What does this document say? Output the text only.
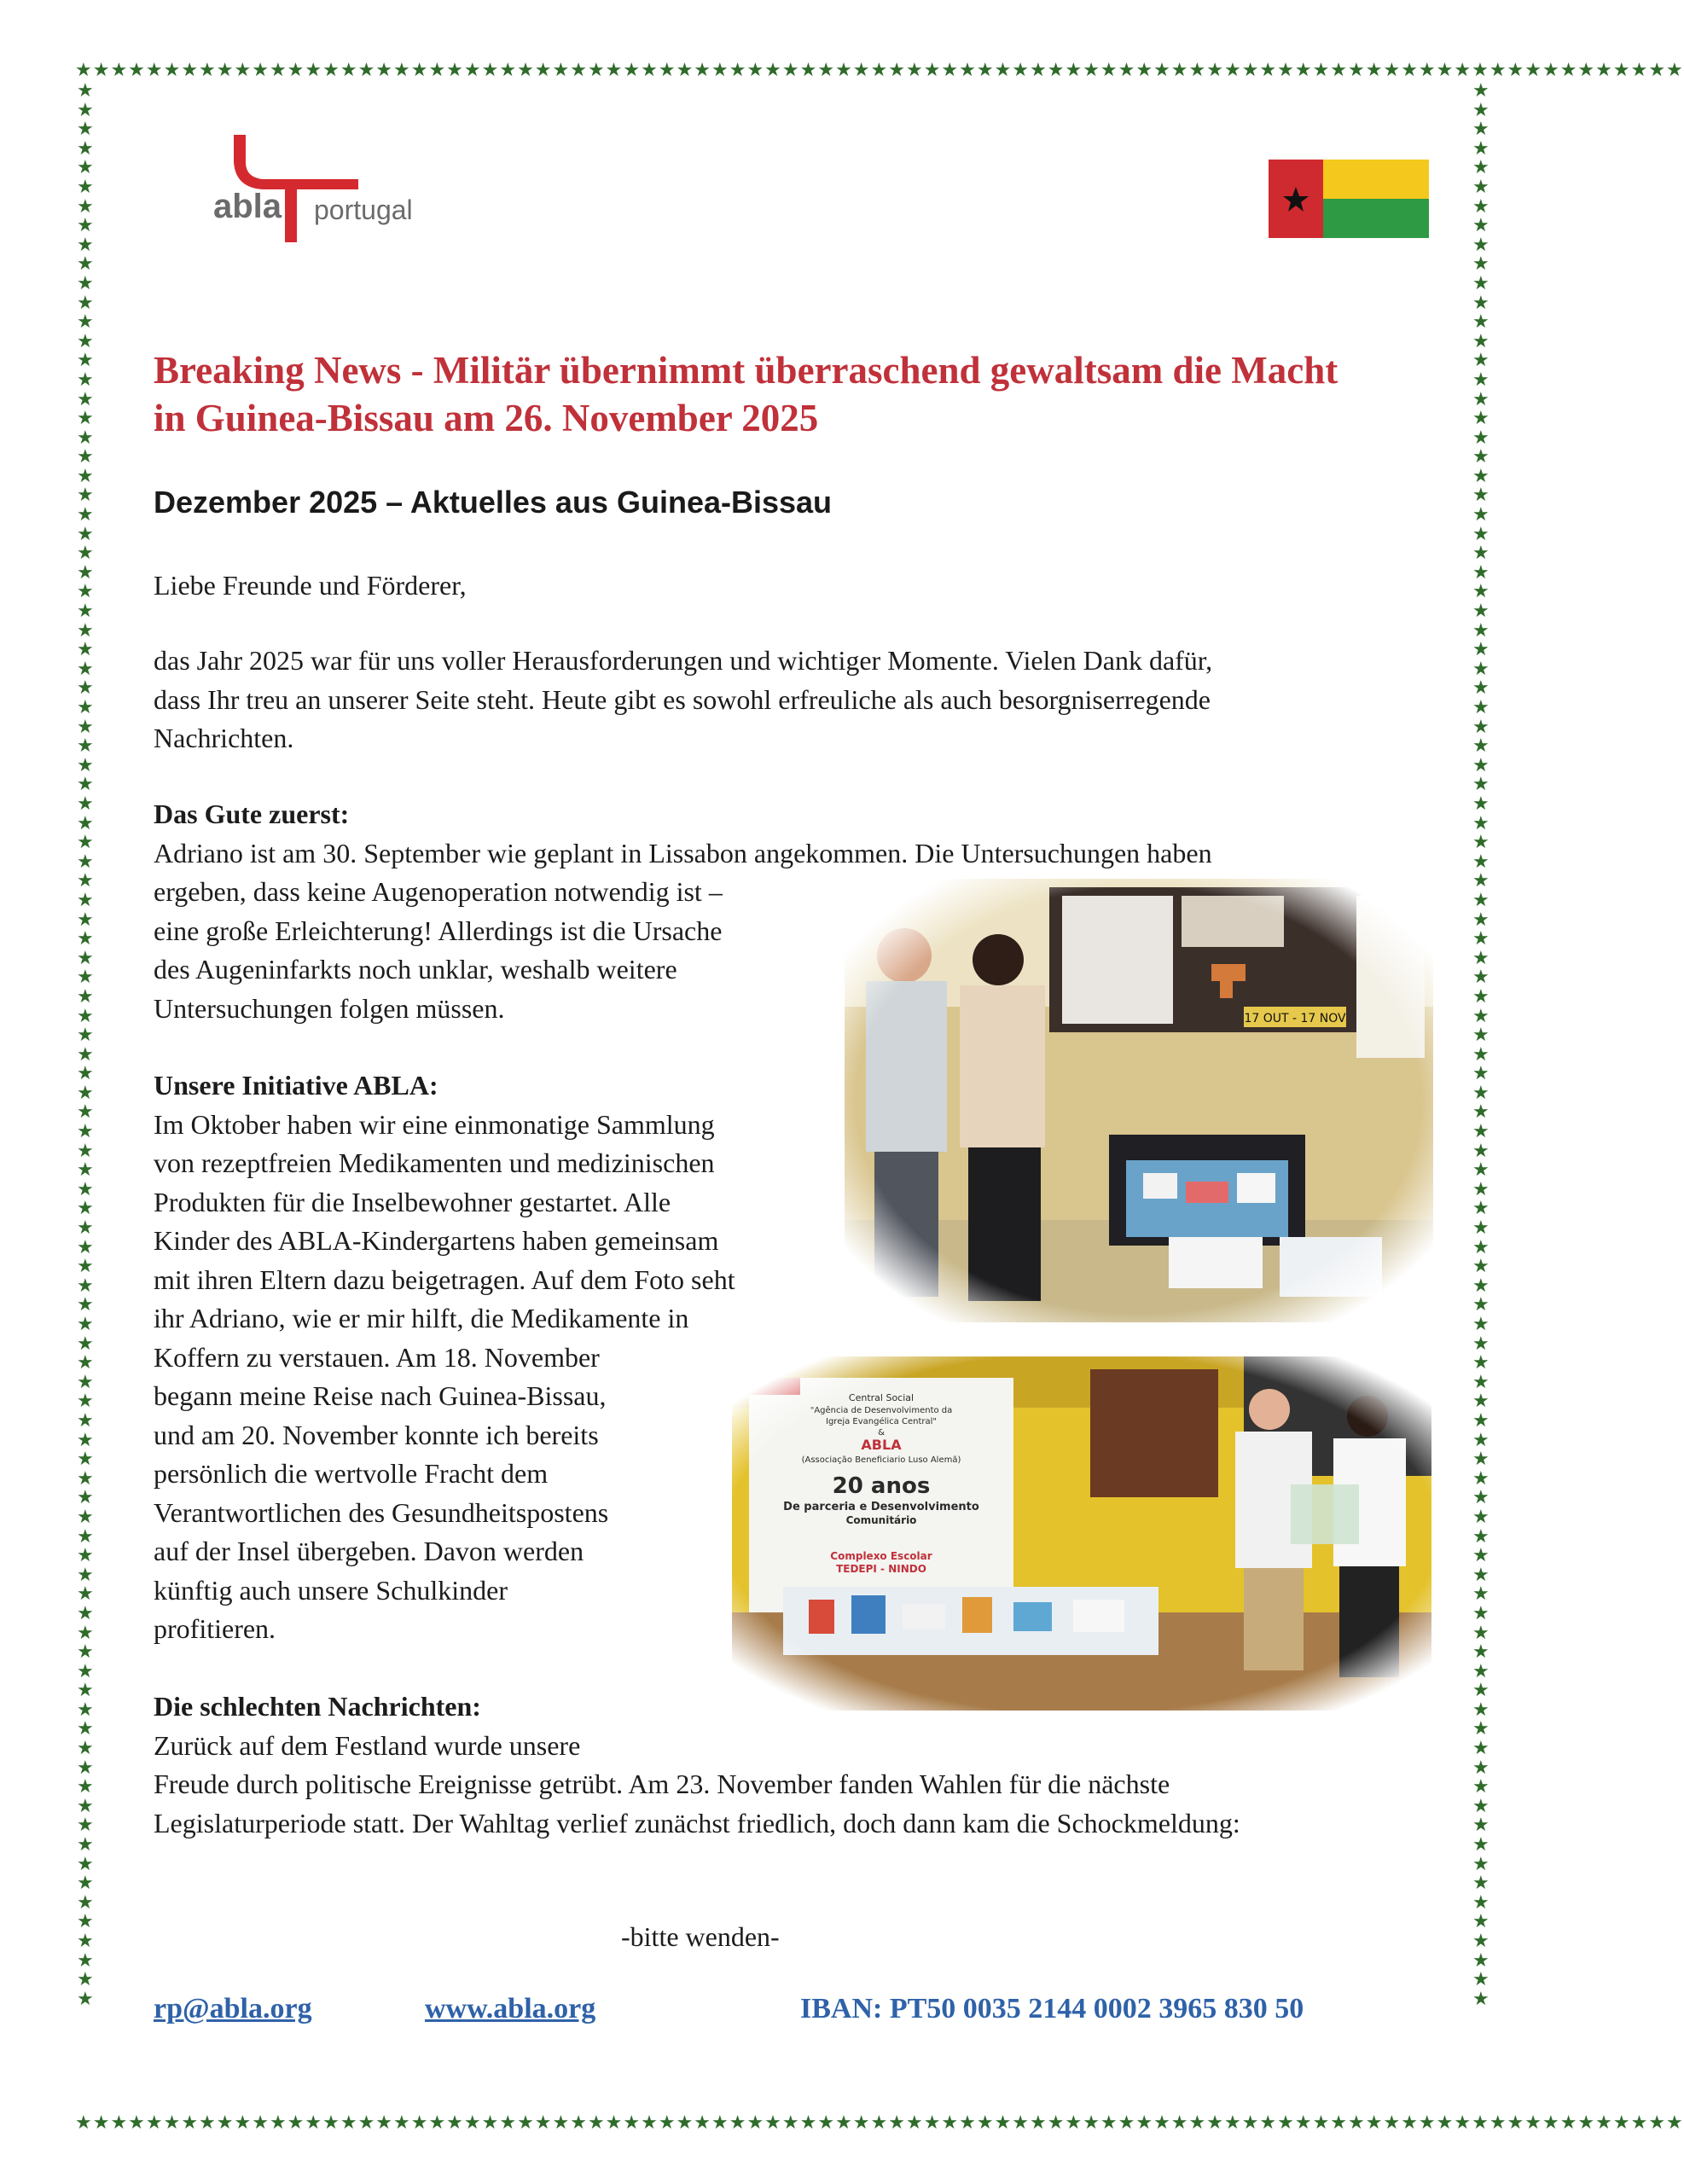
★★★★★★★★★★★★★★★★★★★★★★★★★★★★★★★★★★★★★★★★★★★★★★★★★★★★★★★★★★★★★★★★★★★★★★★★★★★★★★★★★★★★★★★★★★★
★★★★★★★★★★★★★★★★★★★★★★★★★★★★★★★★★★★★★★★★★★★★★★★★★★★★★★★★★★★★★★★★★★★★★★★★★★★★★★★★★★★★★★★★★★★
★★★★★★★★★★★★★★★★★★★★★★★★★★★★★★★★★★★★★★★★★★★★★★★★★★★★★★★★★★★★★★★★★★★★★★★★★★★★★★★★★★★★★★★★★★★★★★★★★★★★
★★★★★★★★★★★★★★★★★★★★★★★★★★★★★★★★★★★★★★★★★★★★★★★★★★★★★★★★★★★★★★★★★★★★★★★★★★★★★★★★★★★★★★★★★★★★★★★★★★★★
abla portugal
Breaking News - Militär übernimmt überraschend gewaltsam die Macht in Guinea-Bissau am 26. November 2025
Dezember 2025 – Aktuelles aus Guinea-Bissau
Liebe Freunde und Förderer,

das Jahr 2025 war für uns voller Herausforderungen und wichtiger Momente. Vielen Dank dafür,

dass Ihr treu an unserer Seite steht. Heute gibt es sowohl erfreuliche als auch besorgniserregende

Nachrichten.

Das Gute zuerst:

Adriano ist am 30. September wie geplant in Lissabon angekommen. Die Untersuchungen haben

ergeben, dass keine Augenoperation notwendig ist –

eine große Erleichterung! Allerdings ist die Ursache

des Augeninfarkts noch unklar, weshalb weitere

Untersuchungen folgen müssen.

Unsere Initiative ABLA:

Im Oktober haben wir eine einmonatige Sammlung

von rezeptfreien Medikamenten und medizinischen

Produkten für die Inselbewohner gestartet. Alle

Kinder des ABLA-Kindergartens haben gemeinsam

mit ihren Eltern dazu beigetragen. Auf dem Foto seht

ihr Adriano, wie er mir hilft, die Medikamente in

Koffern zu verstauen. Am 18. November

begann meine Reise nach Guinea-Bissau,

und am 20. November konnte ich bereits

persönlich die wertvolle Fracht dem

Verantwortlichen des Gesundheitspostens

auf der Insel übergeben. Davon werden

künftig auch unsere Schulkinder

profitieren.

Die schlechten Nachrichten:

Zurück auf dem Festland wurde unsere

Freude durch politische Ereignisse getrübt. Am 23. November fanden Wahlen für die nächste

Legislaturperiode statt. Der Wahltag verlief zunächst friedlich, doch dann kam die Schockmeldung:

-bitte wenden-
rp@abla.org	www.abla.org	IBAN: PT50 0035 2144 0002 3965 830 50
